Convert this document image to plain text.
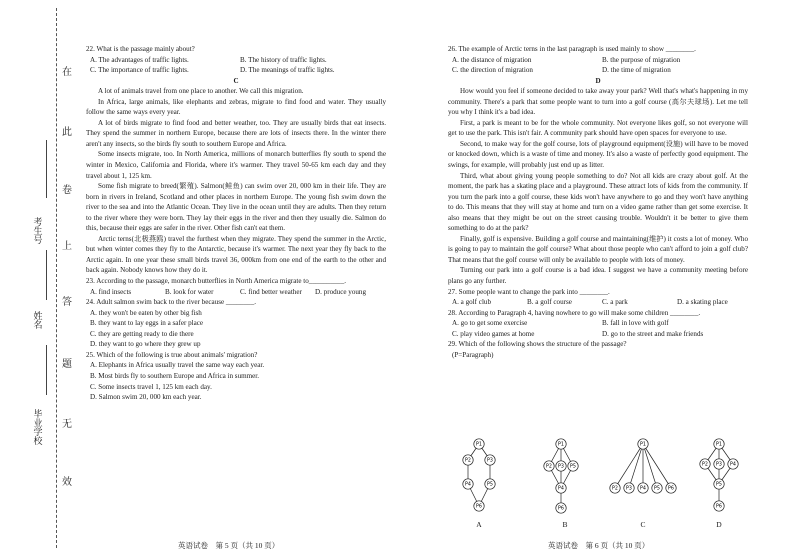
在
此
卷
上
答
题
无
效
考生号
姓名
毕业学校

22. What is the passage mainly about?

A. The advantages of traffic lights.	B. The history of traffic lights.
C. The importance of traffic lights.	D. The meanings of traffic lights.

C

A lot of animals travel from one place to another. We call this migration.

In Africa, large animals, like elephants and zebras, migrate to find food and water. They usually follow the same ways every year.

A lot of birds migrate to find food and better weather, too. They are usually birds that eat insects. They spend the summer in northern Europe, because there are lots of insects there. In the winter there aren't any insects, so the birds fly south to southern Europe and Africa.

Some insects migrate, too. In North America, millions of monarch butterflies fly south to spend the winter in Mexico, California and Florida, where it's warmer. They travel 50-65 km each day and they travel about 1, 125 km.

Some fish migrate to breed(繁殖). Salmon(鲑鱼) can swim over 20, 000 km in their life. They are born in rivers in Ireland, Scotland and other places in northern Europe. The young fish swim down the river to the sea and into the Atlantic Ocean. They live in the ocean until they are adults. Then they return to the river where they were born. They lay their eggs in the river and then they usually die. Salmon do this, because their eggs are safer in the river. Other fish can't eat them.

Arctic terns(北极燕鸥) travel the furthest when they migrate. They spend the summer in the Arctic, but when winter comes they fly to the Antarctic, because it's warmer. The next year they fly back to the Arctic again. In one year these small birds travel 36, 000km from one end of the earth to the other and back again. Nobody knows how they do it.

23. According to the passage, monarch butterflies in North America migrate to__________.

A. find insects	B. look for water	C. find better weather	D. produce young

24. Adult salmon swim back to the river because ________.

A. they won't be eaten by other big fish

B. they want to lay eggs in a safer place

C. they are getting ready to die there

D. they want to go where they grew up

25. Which of the following is true about animals' migration?

A. Elephants in Africa usually travel the same way each year.

B. Most birds fly to southern Europe and Africa in summer.

C. Some insects travel 1, 125 km each day.

D. Salmon swim 20, 000 km each year.

英语试卷　第 5 页（共 10 页）

26. The example of Arctic terns in the last paragraph is used mainly to show ________.

A. the distance of migration	B. the purpose of migration
C. the direction of migration	D. the time of migration

D

How would you feel if someone decided to take away your park? Well that's what's happening in my community. There's a park that some people want to turn into a golf course (高尔夫球场). Let me tell you why I think it's a bad idea.

First, a park is meant to be for the whole community. Not everyone likes golf, so not everyone will get to use the park. This isn't fair. A community park should have open spaces for everyone to use.

Second, to make way for the golf course, lots of playground equipment(设施) will have to be moved or knocked down, which is a waste of time and money. It's also a waste of perfectly good equipment. The swings, for example, will probably just end up as litter.

Third, what about giving young people something to do? Not all kids are crazy about golf. At the moment, the park has a skating place and a playground. These attract lots of kids from the community. If you turn the park into a golf course, these kids won't have anywhere to go and they won't have anything to do. This means that they will stay at home and turn on a video game rather than get some exercise. It also means that they might be out on the street causing trouble. Wouldn't it be better to give them something to do at the park?

Finally, golf is expensive. Building a golf course and maintaining(维护) it costs a lot of money. Who is going to pay to maintain the golf course? What about those people who can't afford to join a golf club? That means that the golf course will only be available to people with lots of money.

Turning our park into a golf course is a bad idea. I suggest we have a community meeting before plans go any further.

27. Some people want to change the park into ________.

A. a golf club	B. a golf course	C. a park	D. a skating place

28. According to Paragraph 4, having nowhere to go will make some children ________.

A. go to get some exercise	B. fall in love with golf
C. play video games at home	D. go to the street and make friends

29. Which of the following shows the structure of the passage?

(P=Paragraph)

P1
P2	P3
P4	P5
P6
P1
P2 P3
P4
P5
P6
P1
P2 P3 P4 P5 P6
P1
P2 P3 P4
P5
P6
A	B	C	D
英语试卷　第 6 页（共 10 页）
